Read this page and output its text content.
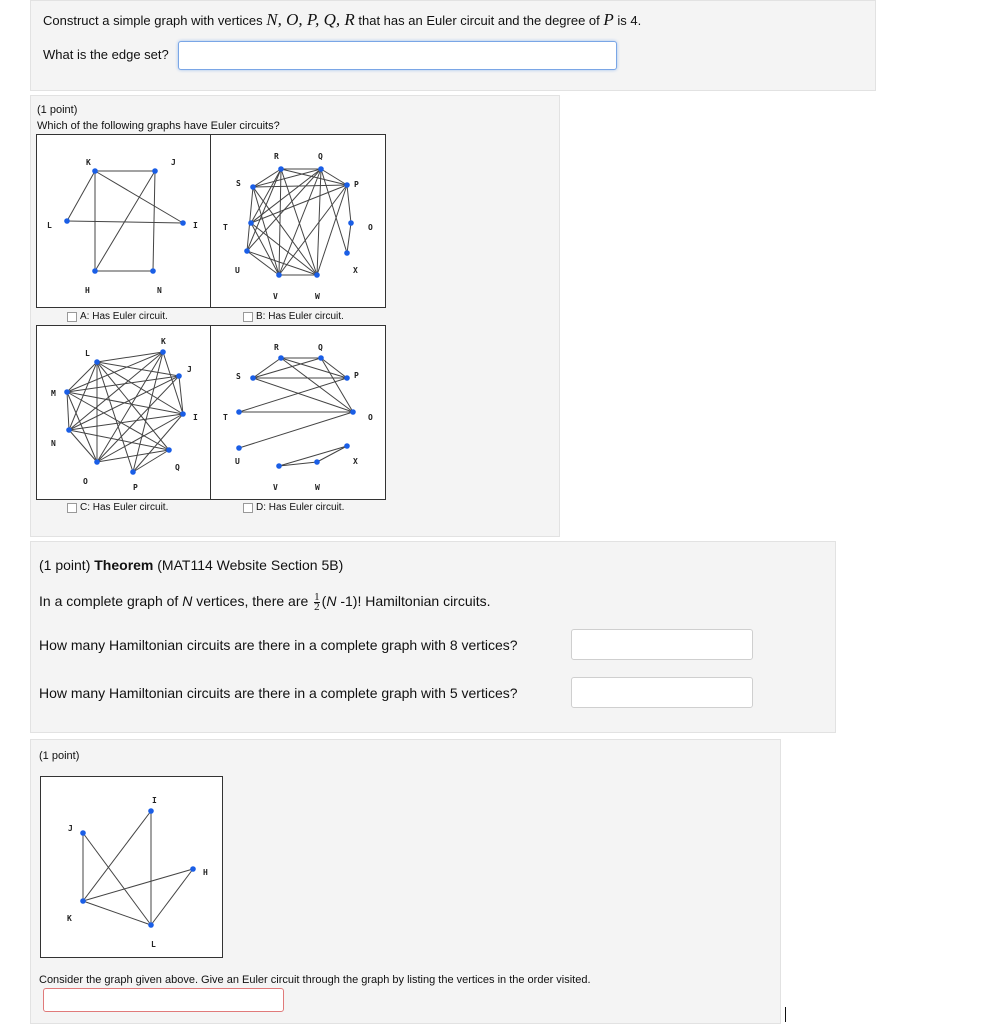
Construct a simple graph with vertices N, O, P, Q, R that has an Euler circuit and the degree of P is 4.
What is the edge set?
(1 point)
Which of the following graphs have Euler circuits?
K	J
L	I
H	N
R	Q
S	P
T	O
U	X
V	W
A: Has Euler circuit.	B: Has Euler circuit.
L
K
J
M
I
N
Q
O
P
R	Q
S	P
T	O
U	X
V	W
C: Has Euler circuit.	D: Has Euler circuit.
(1 point) Theorem (MAT114 Website Section 5B)
In a complete graph of N vertices, there are $\frac{1}{2} (N$ -1)! Hamiltonian circuits.
How many Hamiltonian circuits are there in a complete graph with 8 vertices?
How many Hamiltonian circuits are there in a complete graph with 5 vertices?
(1 point)
Consider the graph given above. Give an Euler circuit through the graph by listing the vertices in the order visited.
I
J
H
K
L
